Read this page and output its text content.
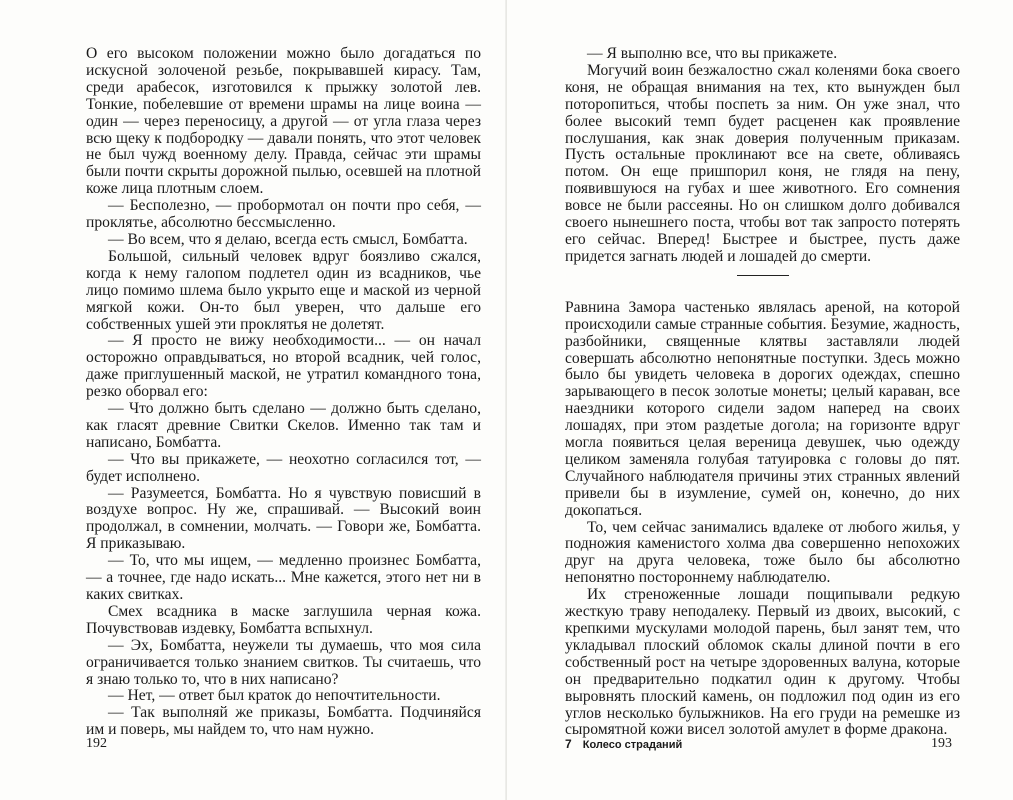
О его высоком положении можно было догадаться по искусной золоченой резьбе, покрывавшей кирасу. Там, среди арабесок, изготовился к прыжку золотой лев. Тонкие, побелевшие от времени шрамы на лице воина — один — через переносицу, а другой — от угла глаза через всю щеку к подбородку — давали понять, что этот человек не был чужд военному делу. Правда, сейчас эти шрамы были почти скрыты дорожной пылью, осевшей на плотной коже лица плотным слоем.

— Бесполезно, — пробормотал он почти про себя, — проклятье, абсолютно бессмысленно.

— Во всем, что я делаю, всегда есть смысл, Бомбатта.

Большой, сильный человек вдруг боязливо сжался, когда к нему галопом подлетел один из всадников, чье лицо помимо шлема было укрыто еще и маской из черной мягкой кожи. Он-то был уверен, что дальше его собственных ушей эти проклятья не долетят.

— Я просто не вижу необходимости... — он начал осторожно оправдываться, но второй всадник, чей голос, даже приглушенный маской, не утратил командного тона, резко оборвал его:

— Что должно быть сделано — должно быть сделано, как гласят древние Свитки Скелов. Именно так там и написано, Бомбатта.

— Что вы прикажете, — неохотно согласился тот, — будет исполнено.

— Разумеется, Бомбатта. Но я чувствую повисший в воздухе вопрос. Ну же, спрашивай. — Высокий воин продолжал, в сомнении, молчать. — Говори же, Бомбатта. Я приказываю.

— То, что мы ищем, — медленно произнес Бомбатта, — а точнее, где надо искать... Мне кажется, этого нет ни в каких свитках.

Смех всадника в маске заглушила черная кожа. Почувствовав издевку, Бомбатта вспыхнул.

— Эх, Бомбатта, неужели ты думаешь, что моя сила ограничивается только знанием свитков. Ты считаешь, что я знаю только то, что в них написано?

— Нет, — ответ был краток до непочтительности.

— Так выполняй же приказы, Бомбатта. Подчиняйся им и поверь, мы найдем то, что нам нужно.

192

— Я выполню все, что вы прикажете.

Могучий воин безжалостно сжал коленями бока своего коня, не обращая внимания на тех, кто вынужден был поторопиться, чтобы поспеть за ним. Он уже знал, что более высокий темп будет расценен как проявление послушания, как знак доверия полученным приказам. Пусть остальные проклинают все на свете, обливаясь потом. Он еще пришпорил коня, не глядя на пену, появившуюся на губах и шее животного. Его сомнения вовсе не были рассеяны. Но он слишком долго добивался своего нынешнего поста, чтобы вот так запросто потерять его сейчас. Вперед! Быстрее и быстрее, пусть даже придется загнать людей и лошадей до смерти.

Равнина Замора частенько являлась ареной, на которой происходили самые странные события. Безумие, жадность, разбойники, священные клятвы заставляли людей совершать абсолютно непонятные поступки. Здесь можно было бы увидеть человека в дорогих одеждах, спешно зарывающего в песок золотые монеты; целый караван, все наездники которого сидели задом наперед на своих лошадях, при этом раздетые догола; на горизонте вдруг могла появиться целая вереница девушек, чью одежду целиком заменяла голубая татуировка с головы до пят. Случайного наблюдателя причины этих странных явлений привели бы в изумление, сумей он, конечно, до них докопаться.

То, чем сейчас занимались вдалеке от любого жилья, у подножия каменистого холма два совершенно непохожих друг на друга человека, тоже было бы абсолютно непонятно постороннему наблюдателю.

Их стреноженные лошади пощипывали редкую жесткую траву неподалеку. Первый из двоих, высокий, с крепкими мускулами молодой парень, был занят тем, что укладывал плоский обломок скалы длиной почти в его собственный рост на четыре здоровенных валуна, которые он предварительно подкатил один к другому. Чтобы выровнять плоский камень, он подложил под один из его углов несколько булыжников. На его груди на ремешке из сыромятной кожи висел золотой амулет в форме дракона.

7 Колесо страданий	193
